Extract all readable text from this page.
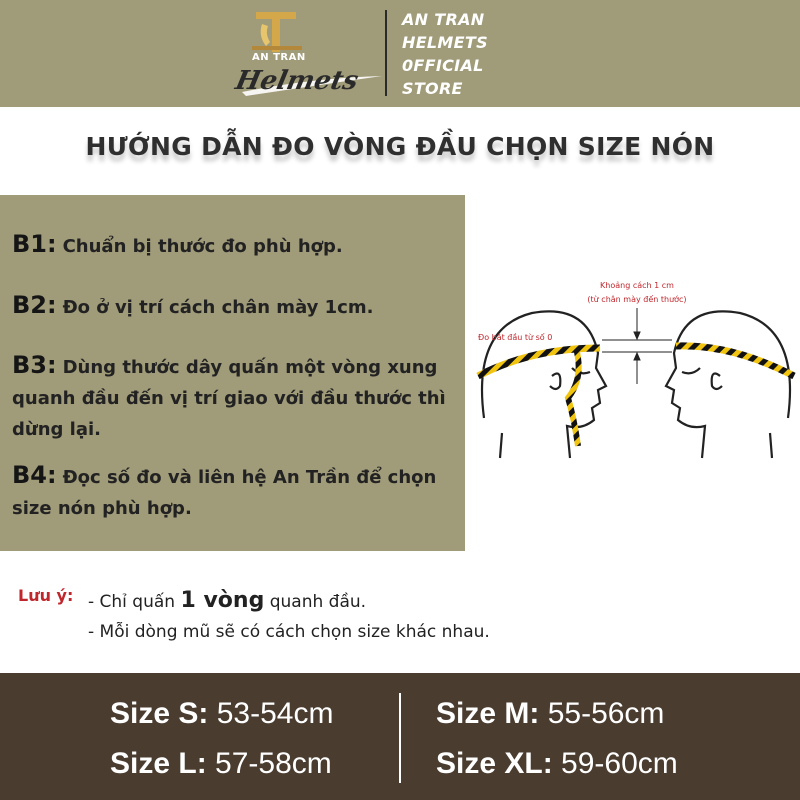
AN TRAN
Helmets
AN TRAN
HELMETS
0FFICIAL
STORE
HƯỚNG DẪN ĐO VÒNG ĐẦU CHỌN SIZE NÓN
B1: Chuẩn bị thước đo phù hợp.
B2: Đo ở vị trí cách chân mày 1cm.
B3: Dùng thước dây quấn một vòng xung quanh đầu đến vị trí giao với đầu thước thì dừng lại.
B4: Đọc số đo và liên hệ An Trần để chọn size nón phù hợp.
Khoảng cách 1 cm
(từ chân mày đến thước)
Đo bắt đầu từ số 0
Lưu ý: - Chỉ quấn 1 vòng quanh đầu.
- Mỗi dòng mũ sẽ có cách chọn size khác nhau.
Size S: 53-54cm	Size M: 55-56cm
Size L: 57-58cm	Size XL: 59-60cm
